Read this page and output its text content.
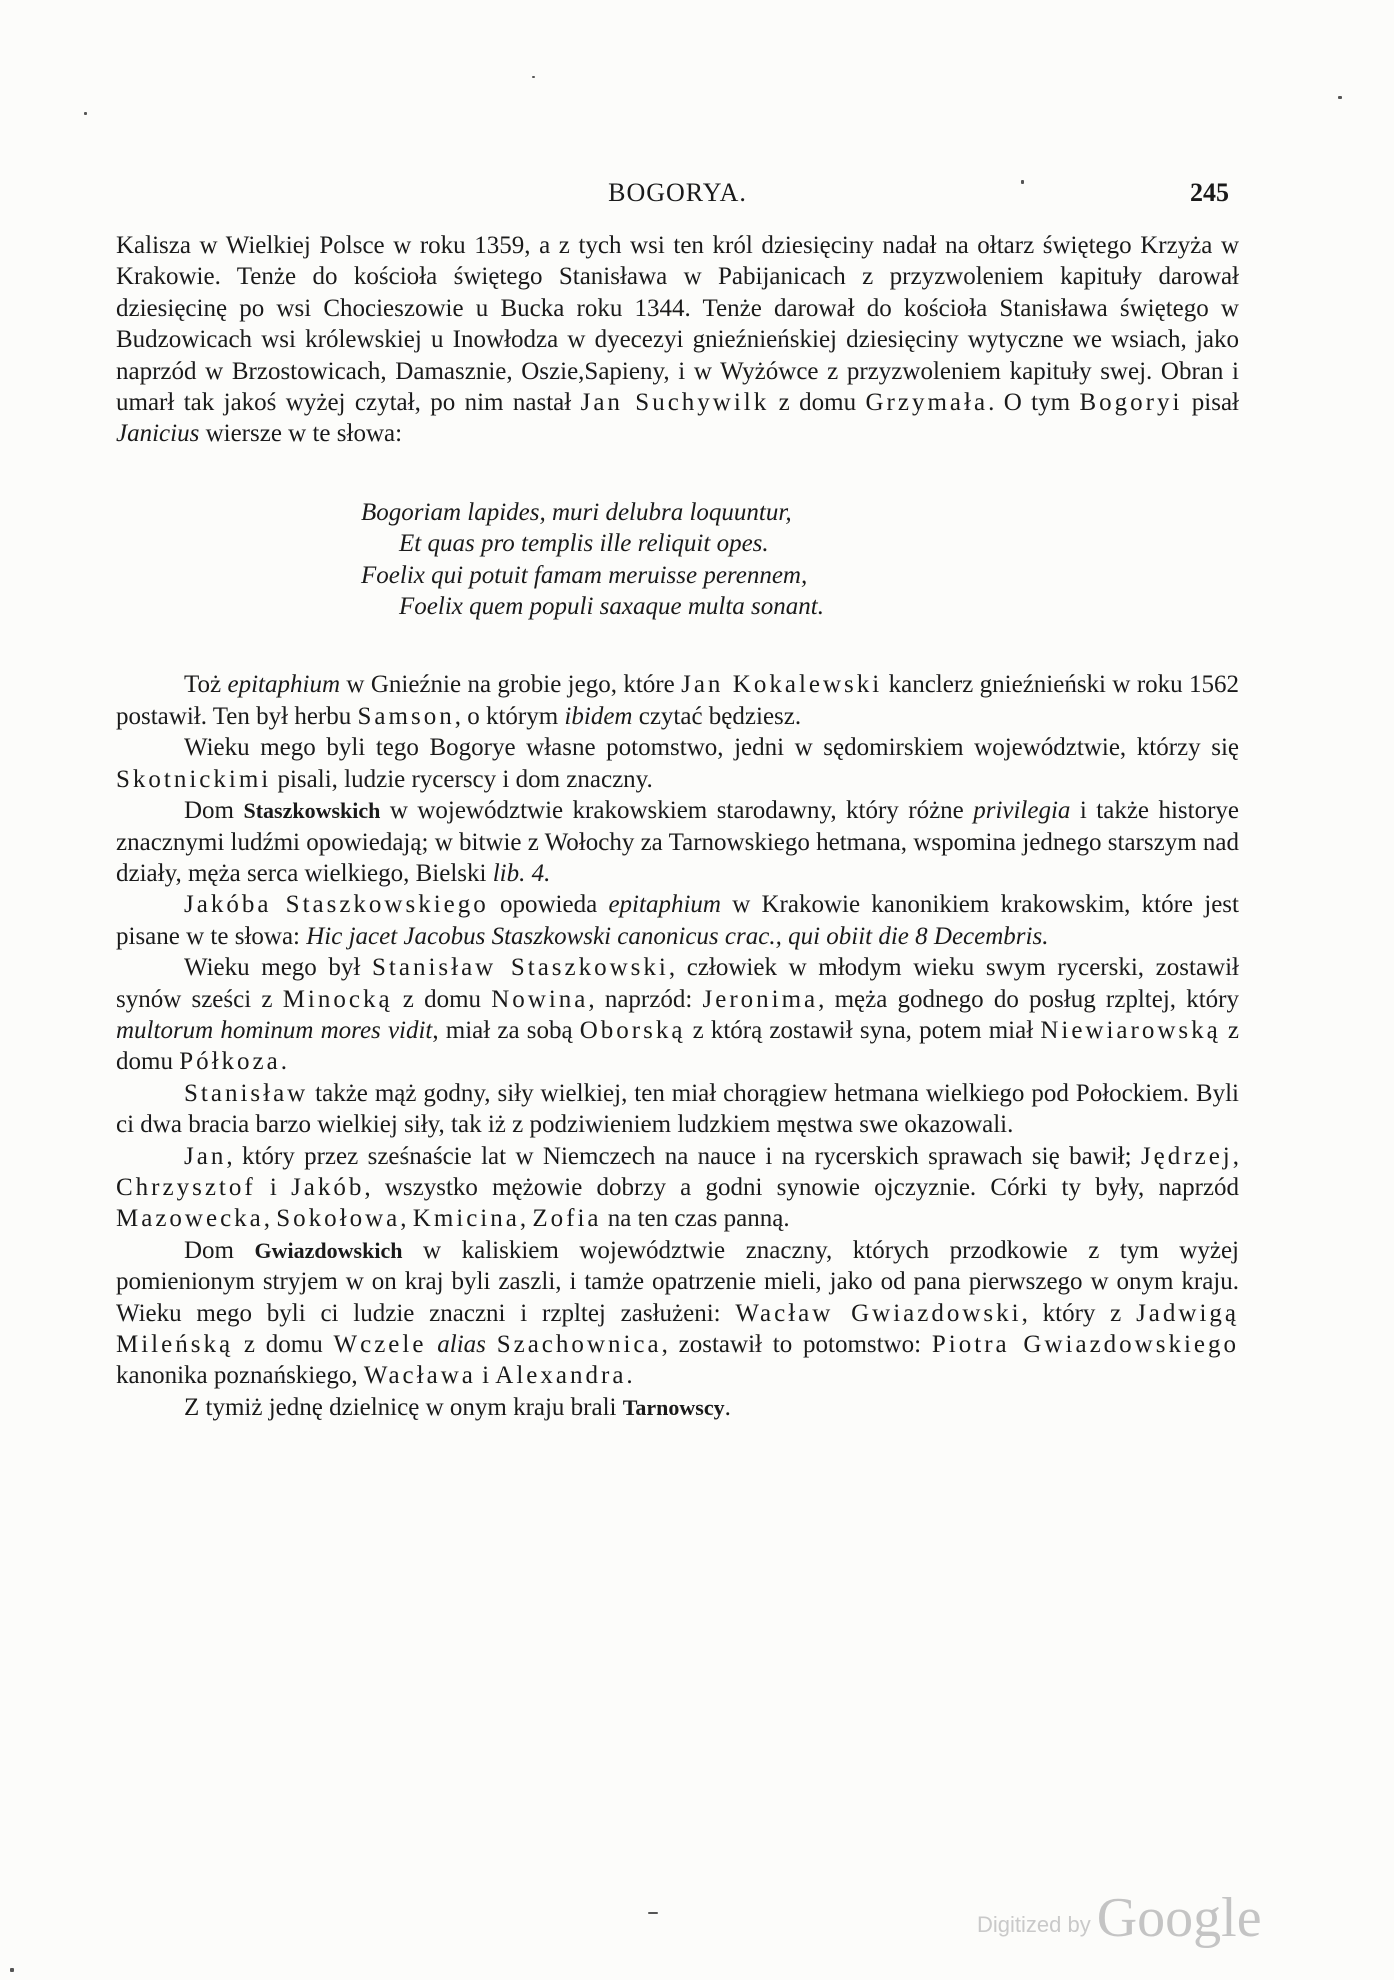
BOGORYA.	245

Kalisza w Wielkiej Polsce w roku 1359, a z tych wsi ten król dziesięciny nadał na ołtarz świętego Krzyża w Krakowie. Tenże do kościoła świętego Stanisława w Pabijanicach z przyzwoleniem kapituły darował dziesięcinę po wsi Chocieszowie u Bucka roku 1344. Tenże darował do kościoła Stanisława świętego w Budzowicach wsi królewskiej u Inowłodza w dyecezyi gnieźnieńskiej dziesięciny wytyczne we wsiach, jako naprzód w Brzostowicach, Damasznie, Oszie,Sapieny, i w Wyżówce z przyzwoleniem kapituły swej. Obran i umarł tak jakoś wyżej czytał, po nim nastał Jan Suchywilk z domu Grzymała. O tym Bogoryi pisał Janicius wiersze w te słowa:

Bogoriam lapides, muri delubra loquuntur,
Et quas pro templis ille reliquit opes.
Foelix qui potuit famam meruisse perennem,
Foelix quem populi saxaque multa sonant.

Toż epitaphium w Gnieźnie na grobie jego, które Jan Kokalewski kanclerz gnieźnieński w roku 1562 postawił. Ten był herbu Samson, o którym ibidem czytać będziesz.

Wieku mego byli tego Bogorye własne potomstwo, jedni w sędomirskiem województwie, którzy się Skotnickimi pisali, ludzie rycerscy i dom znaczny.

Dom Staszkowskich w województwie krakowskiem starodawny, który różne privilegia i także historye znacznymi ludźmi opowiedają; w bitwie z Wołochy za Tarnowskiego hetmana, wspomina jednego starszym nad działy, męża serca wielkiego, Bielski lib. 4.

Jakóba Staszkowskiego opowieda epitaphium w Krakowie kanonikiem krakowskim, które jest pisane w te słowa: Hic jacet Jacobus Staszkowski canonicus crac., qui obiit die 8 Decembris.

Wieku mego był Stanisław Staszkowski, człowiek w młodym wieku swym rycerski, zostawił synów sześci z Minocką z domu Nowina, naprzód: Jeronima, męża godnego do posług rzpltej, który multorum hominum mores vidit, miał za sobą Oborską z którą zostawił syna, potem miał Niewiarowską z domu Półkoza.

Stanisław także mąż godny, siły wielkiej, ten miał chorągiew hetmana wielkiego pod Połockiem. Byli ci dwa bracia barzo wielkiej siły, tak iż z podziwieniem ludzkiem męstwa swe okazowali.

Jan, który przez sześnaście lat w Niemczech na nauce i na rycerskich sprawach się bawił; Jędrzej, Chrzysztof i Jakób, wszystko mężowie dobrzy a godni synowie ojczyznie. Córki ty były, naprzód Mazowecka, Sokołowa, Kmicina, Zofia na ten czas panną.

Dom Gwiazdowskich w kaliskiem województwie znaczny, których przodkowie z tym wyżej pomienionym stryjem w on kraj byli zaszli, i tamże opatrzenie mieli, jako od pana pierwszego w onym kraju. Wieku mego byli ci ludzie znaczni i rzpltej zasłużeni: Wacław Gwiazdowski, który z Jadwigą Mileńską z domu Wczele alias Szachownica, zostawił to potomstwo: Piotra Gwiazdowskiego kanonika poznańskiego, Wacława i Alexandra.

Z tymiż jednę dzielnicę w onym kraju brali Tarnowscy.

Digitized by Google
